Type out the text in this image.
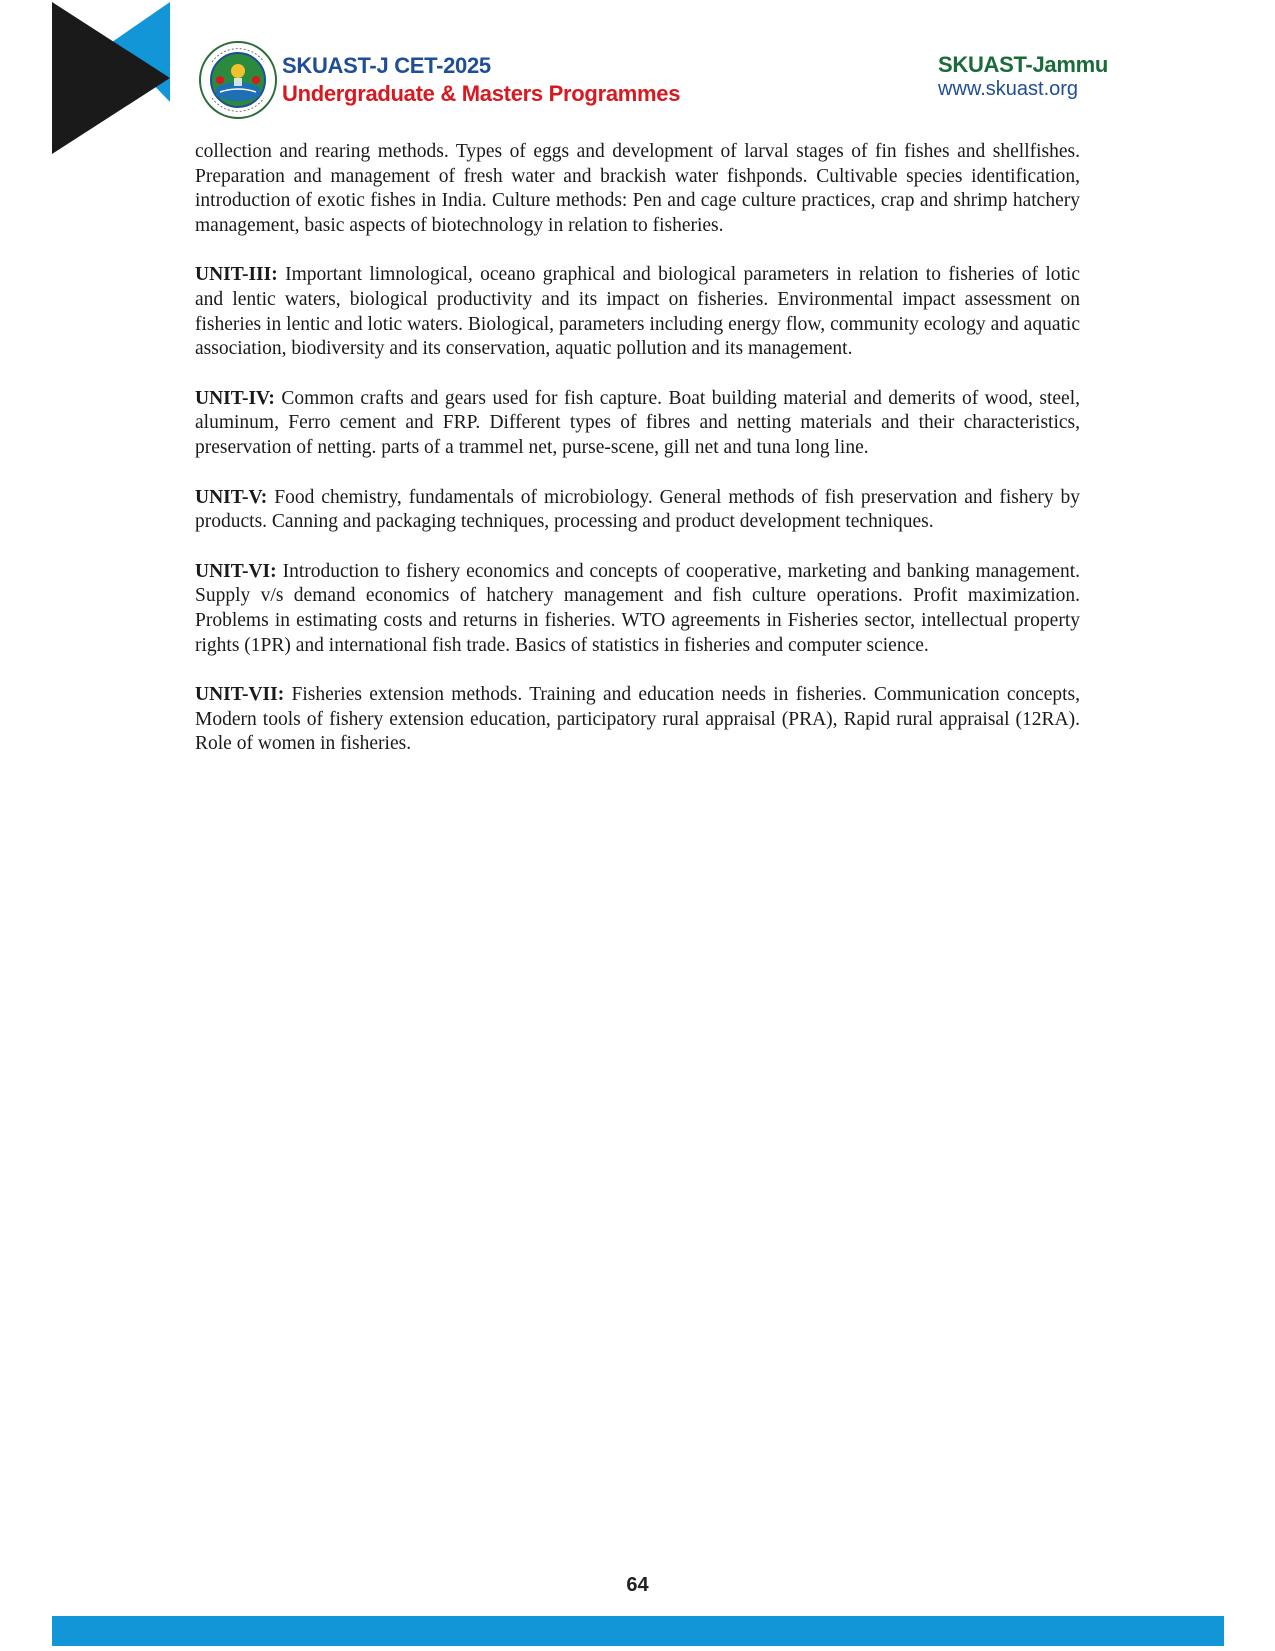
SKUAST-J CET-2025
Undergraduate & Masters Programmes
SKUAST-Jammu
www.skuast.org

collection and rearing methods. Types of eggs and development of larval stages of fin fishes and shellfishes. Preparation and management of fresh water and brackish water fishponds. Cultivable species identification, introduction of exotic fishes in India. Culture methods: Pen and cage culture practices, crap and shrimp hatchery management, basic aspects of biotechnology in relation to fisheries.

UNIT-III: Important limnological, oceano graphical and biological parameters in relation to fisheries of lotic and lentic waters, biological productivity and its impact on fisheries. Environmental impact assessment on fisheries in lentic and lotic waters. Biological, parameters including energy flow, community ecology and aquatic association, biodiversity and its conservation, aquatic pollution and its management.

UNIT-IV: Common crafts and gears used for fish capture. Boat building material and demerits of wood, steel, aluminum, Ferro cement and FRP. Different types of fibres and netting materials and their characteristics, preservation of netting. parts of a trammel net, purse-scene, gill net and tuna long line.

UNIT-V: Food chemistry, fundamentals of microbiology. General methods of fish preservation and fishery by products. Canning and packaging techniques, processing and product development techniques.

UNIT-VI: Introduction to fishery economics and concepts of cooperative, marketing and banking management. Supply v/s demand economics of hatchery management and fish culture operations. Profit maximization. Problems in estimating costs and returns in fisheries. WTO agreements in Fisheries sector, intellectual property rights (1PR) and international fish trade. Basics of statistics in fisheries and computer science.

UNIT-VII: Fisheries extension methods. Training and education needs in fisheries. Communication concepts, Modern tools of fishery extension education, participatory rural appraisal (PRA), Rapid rural appraisal (12RA). Role of women in fisheries.

64
